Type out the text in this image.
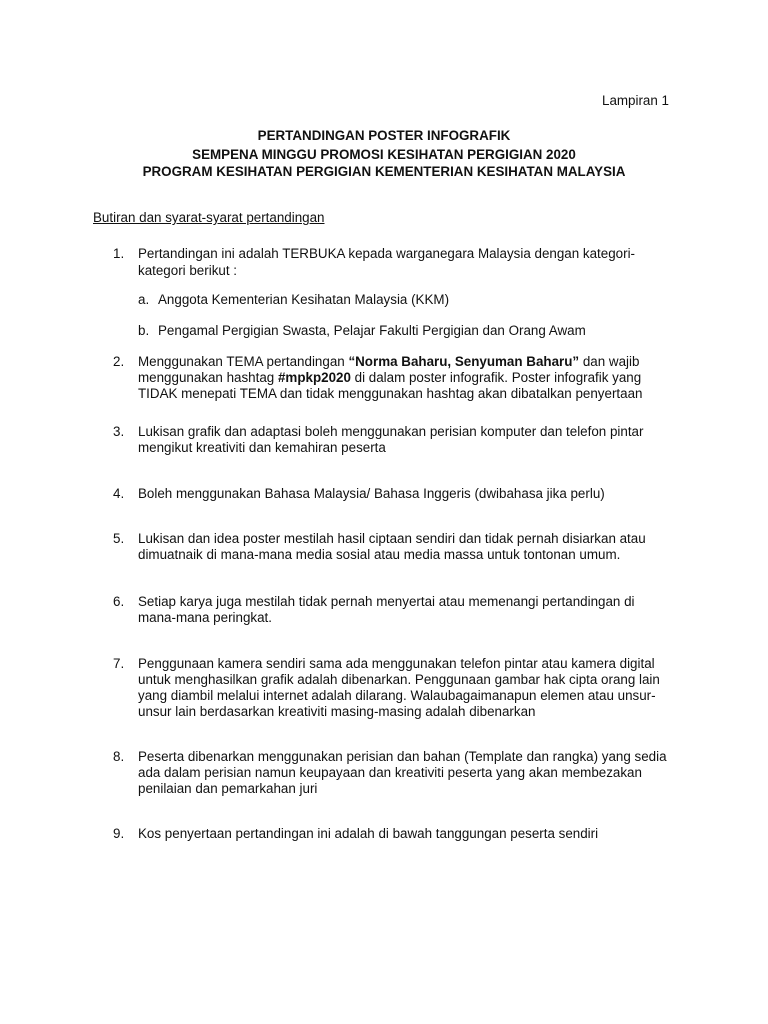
Lampiran 1
PERTANDINGAN POSTER INFOGRAFIK
SEMPENA MINGGU PROMOSI KESIHATAN PERGIGIAN 2020
PROGRAM KESIHATAN PERGIGIAN KEMENTERIAN KESIHATAN MALAYSIA
Butiran dan syarat-syarat pertandingan
1. Pertandingan ini adalah TERBUKA kepada warganegara Malaysia dengan kategori-
kategori berikut :
a. Anggota Kementerian Kesihatan Malaysia (KKM)
b. Pengamal Pergigian Swasta, Pelajar Fakulti Pergigian dan Orang Awam
2. Menggunakan TEMA pertandingan “Norma Baharu, Senyuman Baharu” dan wajib
menggunakan hashtag #mpkp2020 di dalam poster infografik. Poster infografik yang
TIDAK menepati TEMA dan tidak menggunakan hashtag akan dibatalkan penyertaan
3. Lukisan grafik dan adaptasi boleh menggunakan perisian komputer dan telefon pintar
mengikut kreativiti dan kemahiran peserta
4. Boleh menggunakan Bahasa Malaysia/ Bahasa Inggeris (dwibahasa jika perlu)
5. Lukisan dan idea poster mestilah hasil ciptaan sendiri dan tidak pernah disiarkan atau
dimuatnaik di mana-mana media sosial atau media massa untuk tontonan umum.
6. Setiap karya juga mestilah tidak pernah menyertai atau memenangi pertandingan di
mana-mana peringkat.
7. Penggunaan kamera sendiri sama ada menggunakan telefon pintar atau kamera digital
untuk menghasilkan grafik adalah dibenarkan. Penggunaan gambar hak cipta orang lain
yang diambil melalui internet adalah dilarang. Walaubagaimanapun elemen atau unsur-
unsur lain berdasarkan kreativiti masing-masing adalah dibenarkan
8. Peserta dibenarkan menggunakan perisian dan bahan (Template dan rangka) yang sedia
ada dalam perisian namun keupayaan dan kreativiti peserta yang akan membezakan
penilaian dan pemarkahan juri
9. Kos penyertaan pertandingan ini adalah di bawah tanggungan peserta sendiri
